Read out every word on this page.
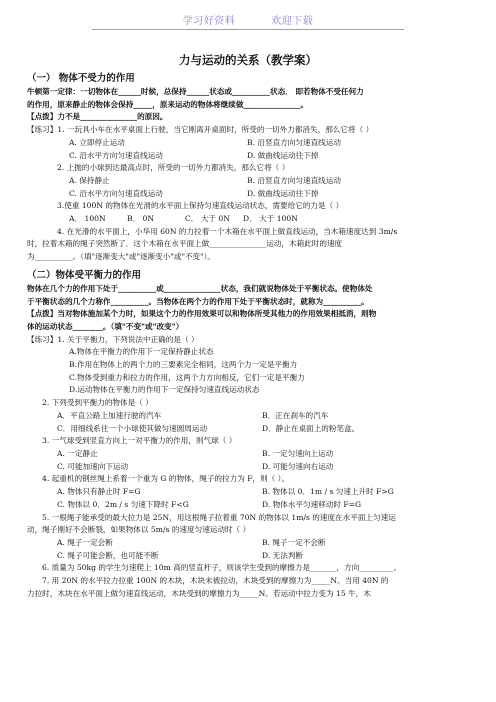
学习好资料	欢迎下载
力与运动的关系（教学案）

（一） 物体不受力的作用

牛顿第一定律：一切物体在______时候，总保持______状态或__________状态． 即若物体不受任何力

的作用，原来静止的物体会保持_____，原来运动的物体将继续做_______________。

【点拨】力不是_______________的原因。

【练习】1. 一玩具小车在水平桌面上行驶，当它刚离开桌面时，所受的一切外力都消失，那么它将（ ）

A. 立即停止运动	B. 沿竖直方向匀速直线运动

C. 沿水平方向匀速直线运动	D. 做曲线运动往下掉

2. 上抛的小球到达最高点时，所受的一切外力都消失，那么它将（ ）

A. 保持静止	B. 沿竖直方向匀速直线运动

C. 沿水平方向匀速直线运动	D. 做曲线运动往下掉

3.使重 100N 的物体在光滑的水平面上保持匀速直线运动状态，需要给它的力是（ ）

A． 100N	B． 0N	C． 大于 0N D． 大于 100N

4. 在光滑的水平面上，小华用 60N 的力拉着一个木箱在水平面上做直线运动，当木箱速度达到 3m/s

时，拉着木箱的绳子突然断了．这个木箱在水平面上做_______________运动，木箱此时的速度

为__________。（填"逐渐变大"或"逐渐变小"或"不变"）。

（二）物体受平衡力的作用

物体在几个力的作用下处于__________或_______________状态，我们就说物体处于平衡状态。使物体处

于平衡状态的几个力称作__________。当物体在两个力的作用下处于平衡状态时，就称为__________。

【点拨】当对物体施加某个力时，如果这个力的作用效果可以和物体所受其他力的作用效果相抵消，则物

体的运动状态________。（填"不变"或"改变"）

【练习】1. 关于平衡力，下列说法中正确的是（ ）

A.物体在平衡力的作用下一定保持静止状态

B.作用在物体上的两个力的三要素完全相同，这两个力一定是平衡力

C.物体受到重力和拉力的作用，这两个力方向相反，它们一定是平衡力

D.运动物体在平衡力的作用下一定保持匀速直线运动状态

2. 下列受到平衡力的物体是（ ）

A．平直公路上加速行驶的汽车	B．正在刹车的汽车

C．用细线系住一个小球使其做匀速圆周运动	D．静止在桌面上的粉笔盒。

3. 一气球受到竖直方向上一对平衡力的作用，则气球（ ）

A. 一定静止	B. 一定匀速向上运动

C. 可能加速向下运动	D. 可能匀速向右运动

4. 起重机的钢丝绳上系着一个重为 G 的物体，绳子的拉力为 F，则（ ）。

A. 物体只有静止时 F=G	B. 物体以 0．1m / s 匀速上升时 F>G

C. 物体以 0．2m / s 匀速下降时 F<G	D. 物体水平匀速移动时 F=G

5. 一根绳子能承受的最大拉力是 25N，用这根绳子拉着重 70N 的物体以 1m/s 的速度在水平面上匀速运

动，绳子刚好不会断裂，如果物体以 5m/s 的速度匀速运动时（ ）

A. 绳子一定会断	B. 绳子一定不会断

C. 绳子可能会断，也可能不断	D. 无法判断

6. 质量为 50kg 的学生匀速爬上 10m 高的竖直杆子，则该学生受到的摩擦力是_______，方向_________。

7. 用 20N 的水平拉力拉重 100N 的木块，木块未被拉动，木块受到的摩擦力为_____N。当用 40N 的

力拉时，木块在水平面上做匀速直线运动，木块受到的摩擦力为_____N。若运动中拉力变为 15 牛，木
